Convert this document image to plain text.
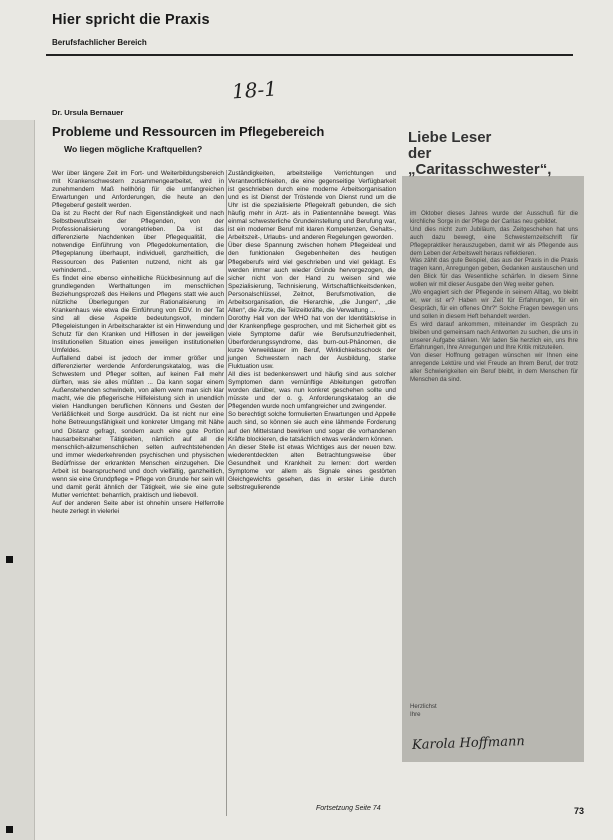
Hier spricht die Praxis
Berufsfachlicher Bereich
18-1
Dr. Ursula Bernauer
Probleme und Ressourcen im Pflegebereich
Wo liegen mögliche Kraftquellen?

Wer über längere Zeit im Fort- und Weiterbildungsbereich mit Krankenschwestern zusammengearbeitet, wird in zunehmendem Maß hellhörig für die umfangreichen Erwartungen und Anforderungen, die heute an den Pflegeberuf gestellt werden.

Da ist zu Recht der Ruf nach Eigenständigkeit und nach Selbstbewußtsein der Pflegenden, von der Professionalisierung vorangetrieben. Da ist das differenzierte Nachdenken über Pflegequalität, die notwendige Einführung von Pflegedokumentation, die Pflegeplanung überhaupt, individuell, ganzheitlich, die Ressourcen des Patienten nutzend, nicht als gar verhindernd...

Es findet eine ebenso einheitliche Rückbesinnung auf die grundlegenden Werthaltungen im menschlichen Beziehungsprozeß des Heilens und Pflegens statt wie auch nützliche Überlegungen zur Rationalisierung im Krankenhaus wie etwa die Einführung von EDV. In der Tat sind all diese Aspekte bedeutungsvoll, mindern Pflegeleistungen in Arbeitscharakter ist ein Hinwendung und Schutz für den Kranken und Hilflosen in der jeweiligen Institutionellen Situation eines jeweiligen institutionellen Umfeldes.

Auffallend dabei ist jedoch der immer größer und differenzierter werdende Anforderungskatalog, was die Schwestern und Pfleger sollten, auf keinen Fall mehr dürften, was sie alles müßten ... Da kann sogar einem Außenstehenden schwindeln, von allem wenn man sich klar macht, wie die pflegerische Hilfeleistung sich in unendlich vielen Handlungen beruflichen Könnens und Gesten der Verläßlichkeit und Sorge ausdrückt. Da ist nicht nur eine hohe Betreuungsfähigkeit und konkreter Umgang mit Nähe und Distanz gefragt, sondern auch eine gute Portion hausarbeitsnaher Tätigkeiten, nämlich auf all die menschlich-allzumenschlichen selten aufrechtstehenden und immer wiederkehrenden psychischen und physischen Bedürfnisse der erkrankten Menschen einzugehen. Die Arbeit ist beanspruchend und doch vielfältig, ganzheitlich, wenn sie eine Grundpflege = Pflege von Grunde her sein will und damit gerät ähnlich der Tätigkeit, wie sie eine gute Mutter verrichtet: beharrlich, praktisch und liebevoll.

Auf der anderen Seite aber ist ohnehin unsere Helferrolle heute zerlegt in vielerlei

Zuständigkeiten, arbeitsteilige Verrichtungen und Verantwortlichkeiten, die eine gegenseitige Verfügbarkeit ist geschrieben durch eine moderne Arbeitsorganisation und es ist Dienst der Tröstende von Dienst rund um die Uhr ist die spezialisierte Pflegekraft gebunden, die sich häufig mehr in Arzt- als in Patientennähe bewegt. Was einmal schwesterliche Grundeinstellung und Berufung war, ist ein moderner Beruf mit klaren Kompetenzen, Gehalts-, Arbeitszeit-, Urlaubs- und anderen Regelungen geworden.

Über diese Spannung zwischen hohem Pflegeideal und den funktionalen Gegebenheiten des heutigen Pflegeberufs wird viel geschrieben und viel geklagt. Es werden immer auch wieder Gründe hervorgezogen, die sicher nicht von der Hand zu weisen sind wie Spezialisierung, Technisierung, Wirtschaftlichkeitsdenken, Personalschlüssel, Zeitnot, Berufsmotivation, die Arbeitsorganisation, die Hierarchie, „die Jungen“, „die Alten“, die Ärzte, die Teilzeitkräfte, die Verwaltung ...

Dorothy Hall von der WHO hat von der Identitätskrise in der Krankenpflege gesprochen, und mit Sicherheit gibt es viele Symptome dafür wie Berufsunzufriedenheit, Überforderungssyndrome, das burn-out-Phänomen, die kurze Verweildauer im Beruf, Wirklichkeitsschock der jungen Schwestern nach der Ausbildung, starke Fluktuation usw.

All dies ist bedenkenswert und häufig sind aus solcher Symptomen dann vernünftige Ableitungen getroffen worden darüber, was nun konkret geschehen sollte und müsste und der o. g. Anforderungskatalog an die Pflegenden wurde noch umfangreicher und zwingender.

So berechtigt solche formulierten Erwartungen und Appelle auch sind, so können sie auch eine lähmende Forderung auf den Mittelstand bewirken und sogar die vorhandenen Kräfte blockieren, die tatsächlich etwas verändern können.

An dieser Stelle ist etwas Wichtiges aus der neuen bzw. wiederentdeckten alten Betrachtungsweise über Gesundheit und Krankheit zu lernen: dort werden Symptome vor allem als Signale eines gestörten Gleichgewichts gesehen, das in erster Linie durch selbstregulierende

Fortsetzung Seite 74
Liebe Leser
der
„Caritasschwester“,

im Oktober dieses Jahres wurde der Ausschuß für die kirchliche Sorge in der Pflege der Caritas neu gebildet.

Und dies nicht zum Jubiläum, das Zeitgeschehen hat uns auch dazu bewegt, eine Schwesternzeitschrift für Pflegepraktiker herauszugeben, damit wir als Pflegende aus dem Leben der Arbeitswelt heraus reflektieren.

Was zählt das gute Beispiel, das aus der Praxis in die Praxis tragen kann, Anregungen geben, Gedanken austauschen und den Blick für das Wesentliche schärfen. In diesem Sinne wollen wir mit dieser Ausgabe den Weg weiter gehen.

„Wo engagiert sich der Pflegende in seinem Alltag, wo bleibt er, wer ist er? Haben wir Zeit für Erfahrungen, für ein Gespräch, für ein offenes Ohr?“ Solche Fragen bewegen uns und sollen in diesem Heft behandelt werden.

Es wird darauf ankommen, miteinander im Gespräch zu bleiben und gemeinsam nach Antworten zu suchen, die uns in unserer Aufgabe stärken. Wir laden Sie herzlich ein, uns Ihre Erfahrungen, Ihre Anregungen und Ihre Kritik mitzuteilen.

Von dieser Hoffnung getragen wünschen wir Ihnen eine anregende Lektüre und viel Freude an Ihrem Beruf, der trotz aller Schwierigkeiten ein Beruf bleibt, in dem Menschen für Menschen da sind.

Herzlichst
Ihre
Karola Hoffmann
73
